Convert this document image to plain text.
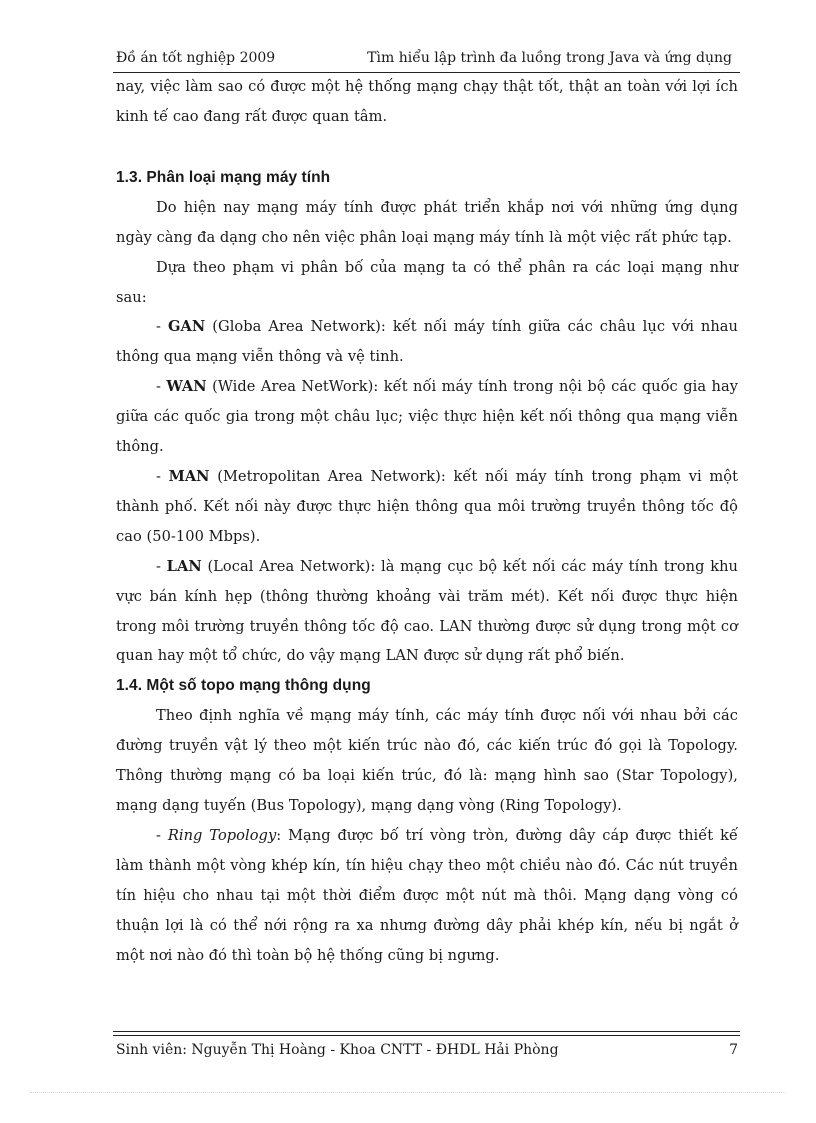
Đồ án tốt nghiệp 2009	Tìm hiểu lập trình đa luồng trong Java và ứng dụng

nay, việc làm sao có được một hệ thống mạng chạy thật tốt, thật an toàn với lợi ích kinh tế cao đang rất được quan tâm.

1.3. Phân loại mạng máy tính

Do hiện nay mạng máy tính được phát triển khắp nơi với những ứng dụng ngày càng đa dạng cho nên việc phân loại mạng máy tính là một việc rất phức tạp.

Dựa theo phạm vi phân bố của mạng ta có thể phân ra các loại mạng như sau:

- GAN (Globa Area Network): kết nối máy tính giữa các châu lục với nhau thông qua mạng viễn thông và vệ tinh.

- WAN (Wide Area NetWork): kết nối máy tính trong nội bộ các quốc gia hay giữa các quốc gia trong một châu lục; việc thực hiện kết nối thông qua mạng viễn thông.

- MAN (Metropolitan Area Network): kết nối máy tính trong phạm vi một thành phố. Kết nối này được thực hiện thông qua môi trường truyền thông tốc độ cao (50-100 Mbps).

- LAN (Local Area Network): là mạng cục bộ kết nối các máy tính trong khu vực bán kính hẹp (thông thường khoảng vài trăm mét). Kết nối được thực hiện trong môi trường truyền thông tốc độ cao. LAN thường được sử dụng trong một cơ quan hay một tổ chức, do vậy mạng LAN được sử dụng rất phổ biến.

1.4. Một số topo mạng thông dụng

Theo định nghĩa về mạng máy tính, các máy tính được nối với nhau bởi các đường truyền vật lý theo một kiến trúc nào đó, các kiến trúc đó gọi là Topology. Thông thường mạng có ba loại kiến trúc, đó là: mạng hình sao (Star Topology), mạng dạng tuyến (Bus Topology), mạng dạng vòng (Ring Topology).

- Ring Topology: Mạng được bố trí vòng tròn, đường dây cáp được thiết kế làm thành một vòng khép kín, tín hiệu chạy theo một chiều nào đó. Các nút truyền tín hiệu cho nhau tại một thời điểm được một nút mà thôi. Mạng dạng vòng có thuận lợi là có thể nới rộng ra xa nhưng đường dây phải khép kín, nếu bị ngắt ở một nơi nào đó thì toàn bộ hệ thống cũng bị ngưng.

Sinh viên: Nguyễn Thị Hoàng - Khoa CNTT - ĐHDL Hải Phòng	7
